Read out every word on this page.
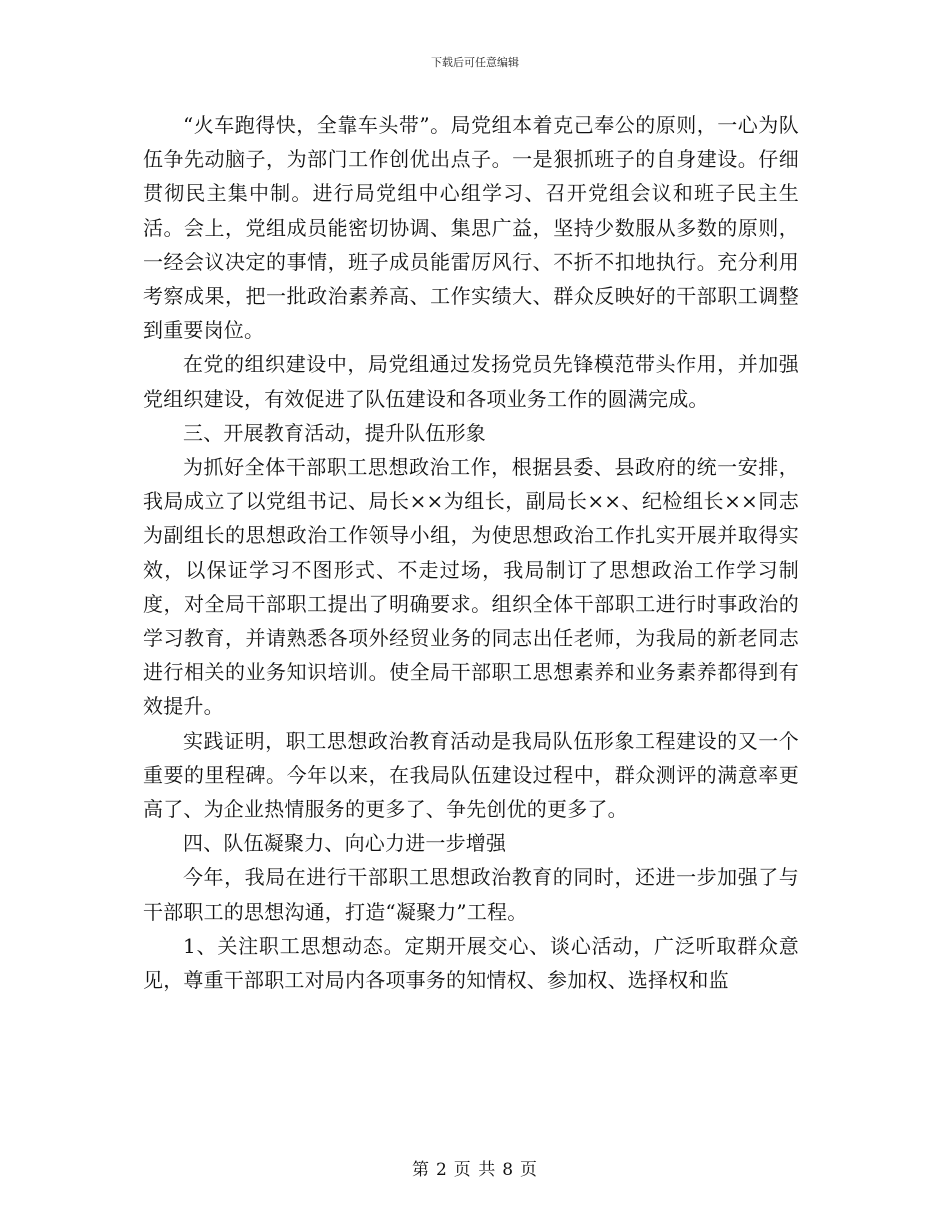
下载后可任意编辑

“火车跑得快，全靠车头带”。局党组本着克己奉公的原则，一心为队伍争先动脑子，为部门工作创优出点子。一是狠抓班子的自身建设。仔细贯彻民主集中制。进行局党组中心组学习、召开党组会议和班子民主生活。会上，党组成员能密切协调、集思广益，坚持少数服从多数的原则，一经会议决定的事情，班子成员能雷厉风行、不折不扣地执行。充分利用考察成果，把一批政治素养高、工作实绩大、群众反映好的干部职工调整到重要岗位。

在党的组织建设中，局党组通过发扬党员先锋模范带头作用，并加强党组织建设，有效促进了队伍建设和各项业务工作的圆满完成。

三、开展教育活动，提升队伍形象

为抓好全体干部职工思想政治工作，根据县委、县政府的统一安排，我局成立了以党组书记、局长××为组长，副局长××、纪检组长××同志为副组长的思想政治工作领导小组，为使思想政治工作扎实开展并取得实效，以保证学习不图形式、不走过场，我局制订了思想政治工作学习制度，对全局干部职工提出了明确要求。组织全体干部职工进行时事政治的学习教育，并请熟悉各项外经贸业务的同志出任老师，为我局的新老同志进行相关的业务知识培训。使全局干部职工思想素养和业务素养都得到有效提升。

实践证明，职工思想政治教育活动是我局队伍形象工程建设的又一个重要的里程碑。今年以来，在我局队伍建设过程中，群众测评的满意率更高了、为企业热情服务的更多了、争先创优的更多了。

四、队伍凝聚力、向心力进一步增强

今年，我局在进行干部职工思想政治教育的同时，还进一步加强了与干部职工的思想沟通，打造“凝聚力”工程。

1、关注职工思想动态。定期开展交心、谈心活动，广泛听取群众意见，尊重干部职工对局内各项事务的知情权、参加权、选择权和监

第 2 页 共 8 页
